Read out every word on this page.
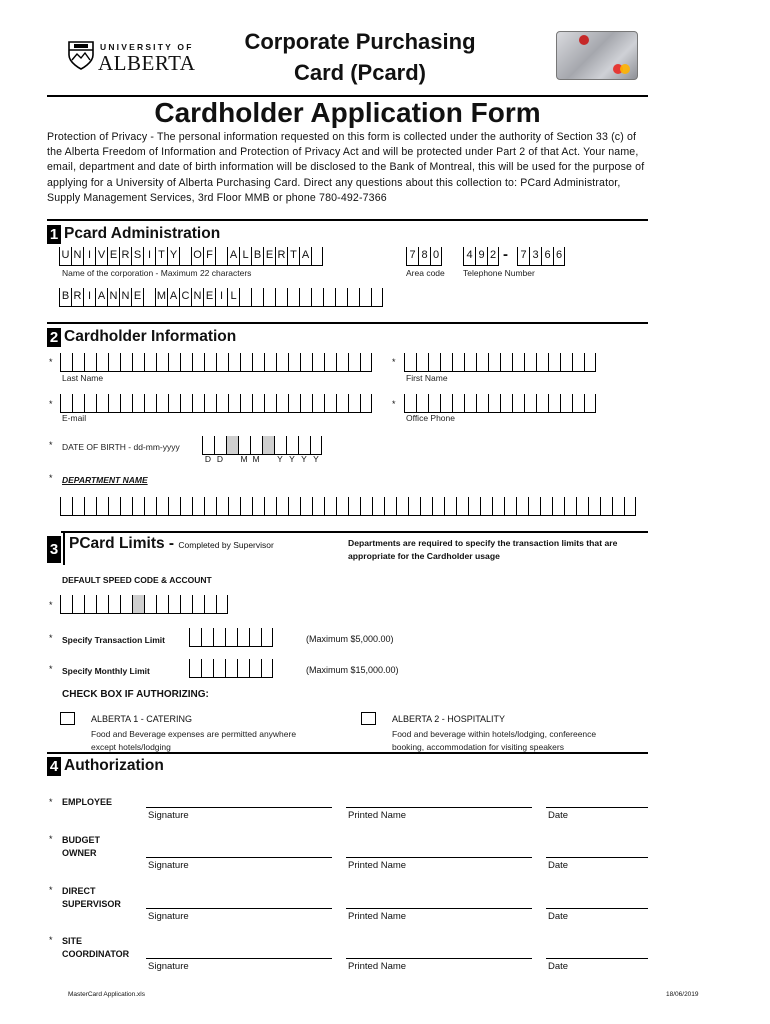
UNIVERSITY OF
ALBERTA
Corporate Purchasing
Card (Pcard)
Cardholder Application Form
Protection of Privacy - The personal information requested on this form is collected under the authority of Section 33 (c) of the Alberta Freedom of Information and Protection of Privacy Act and will be protected under Part 2 of that Act. Your name, email, department and date of birth information will be disclosed to the Bank of Montreal, this will be used for the purpose of applying for a University of Alberta Purchasing Card. Direct any questions about this collection to: PCard Administrator, Supply Management Services, 3rd Floor MMB or phone 780-492-7366
1 Pcard Administration
U N I V E R S I T Y O F A L B E R T A
Name of the corporation - Maximum 22 characters
7 8 0
Area code
4 9 2 -	7 3 6 6
Telephone Number
B R I A N N E M A C N E I L
2 Cardholder Information
*
Last Name
*
First Name
*
E-mail
*
Office Phone
* DATE OF BIRTH - dd-mm-yyyy
D D	M M	Y Y Y Y
* DEPARTMENT NAME
3 PCard Limits - Completed by Supervisor	Departments are required to specify the transaction limits that are appropriate for the Cardholder usage
DEFAULT SPEED CODE & ACCOUNT
*
* Specify Transaction Limit	(Maximum $5,000.00)
* Specify Monthly Limit	(Maximum $15,000.00)
CHECK BOX IF AUTHORIZING:
ALBERTA 1 - CATERING
Food and Beverage expenses are permitted anywhere
except hotels/lodging
ALBERTA 2 - HOSPITALITY
Food and beverage within hotels/lodging, confereence
booking, accommodation for visiting speakers
4 Authorization
* EMPLOYEE
Signature	Printed Name	Date
* BUDGET
OWNER
Signature	Printed Name	Date
* DIRECT
SUPERVISOR
Signature	Printed Name	Date
* SITE
COORDINATOR
Signature	Printed Name	Date
MasterCard Application.xls	18/06/2019
